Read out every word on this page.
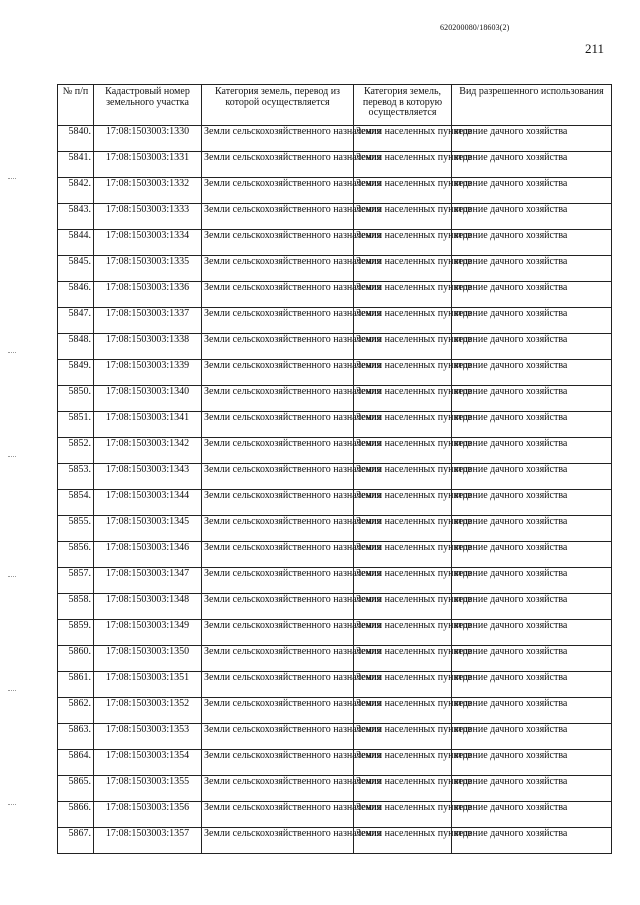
620200080/18603(2)
211
№ п/п	Кадастровый номер земельного участка	Категория земель, перевод из которой осуществляется	Категория земель, перевод в которую осуществляется	Вид разрешенного использования
5840.	17:08:1503003:1330	Земли сельскохозяйственного назначения	Земли населенных пунктов	ведение дачного хозяйства
5841.	17:08:1503003:1331	Земли сельскохозяйственного назначения	Земли населенных пунктов	ведение дачного хозяйства
5842.	17:08:1503003:1332	Земли сельскохозяйственного назначения	Земли населенных пунктов	ведение дачного хозяйства
5843.	17:08:1503003:1333	Земли сельскохозяйственного назначения	Земли населенных пунктов	ведение дачного хозяйства
5844.	17:08:1503003:1334	Земли сельскохозяйственного назначения	Земли населенных пунктов	ведение дачного хозяйства
5845.	17:08:1503003:1335	Земли сельскохозяйственного назначения	Земли населенных пунктов	ведение дачного хозяйства
5846.	17:08:1503003:1336	Земли сельскохозяйственного назначения	Земли населенных пунктов	ведение дачного хозяйства
5847.	17:08:1503003:1337	Земли сельскохозяйственного назначения	Земли населенных пунктов	ведение дачного хозяйства
5848.	17:08:1503003:1338	Земли сельскохозяйственного назначения	Земли населенных пунктов	ведение дачного хозяйства
5849.	17:08:1503003:1339	Земли сельскохозяйственного назначения	Земли населенных пунктов	ведение дачного хозяйства
5850.	17:08:1503003:1340	Земли сельскохозяйственного назначения	Земли населенных пунктов	ведение дачного хозяйства
5851.	17:08:1503003:1341	Земли сельскохозяйственного назначения	Земли населенных пунктов	ведение дачного хозяйства
5852.	17:08:1503003:1342	Земли сельскохозяйственного назначения	Земли населенных пунктов	ведение дачного хозяйства
5853.	17:08:1503003:1343	Земли сельскохозяйственного назначения	Земли населенных пунктов	ведение дачного хозяйства
5854.	17:08:1503003:1344	Земли сельскохозяйственного назначения	Земли населенных пунктов	ведение дачного хозяйства
5855.	17:08:1503003:1345	Земли сельскохозяйственного назначения	Земли населенных пунктов	ведение дачного хозяйства
5856.	17:08:1503003:1346	Земли сельскохозяйственного назначения	Земли населенных пунктов	ведение дачного хозяйства
5857.	17:08:1503003:1347	Земли сельскохозяйственного назначения	Земли населенных пунктов	ведение дачного хозяйства
5858.	17:08:1503003:1348	Земли сельскохозяйственного назначения	Земли населенных пунктов	ведение дачного хозяйства
5859.	17:08:1503003:1349	Земли сельскохозяйственного назначения	Земли населенных пунктов	ведение дачного хозяйства
5860.	17:08:1503003:1350	Земли сельскохозяйственного назначения	Земли населенных пунктов	ведение дачного хозяйства
5861.	17:08:1503003:1351	Земли сельскохозяйственного назначения	Земли населенных пунктов	ведение дачного хозяйства
5862.	17:08:1503003:1352	Земли сельскохозяйственного назначения	Земли населенных пунктов	ведение дачного хозяйства
5863.	17:08:1503003:1353	Земли сельскохозяйственного назначения	Земли населенных пунктов	ведение дачного хозяйства
5864.	17:08:1503003:1354	Земли сельскохозяйственного назначения	Земли населенных пунктов	ведение дачного хозяйства
5865.	17:08:1503003:1355	Земли сельскохозяйственного назначения	Земли населенных пунктов	ведение дачного хозяйства
5866.	17:08:1503003:1356	Земли сельскохозяйственного назначения	Земли населенных пунктов	ведение дачного хозяйства
5867.	17:08:1503003:1357	Земли сельскохозяйственного назначения	Земли населенных пунктов	ведение дачного хозяйства
